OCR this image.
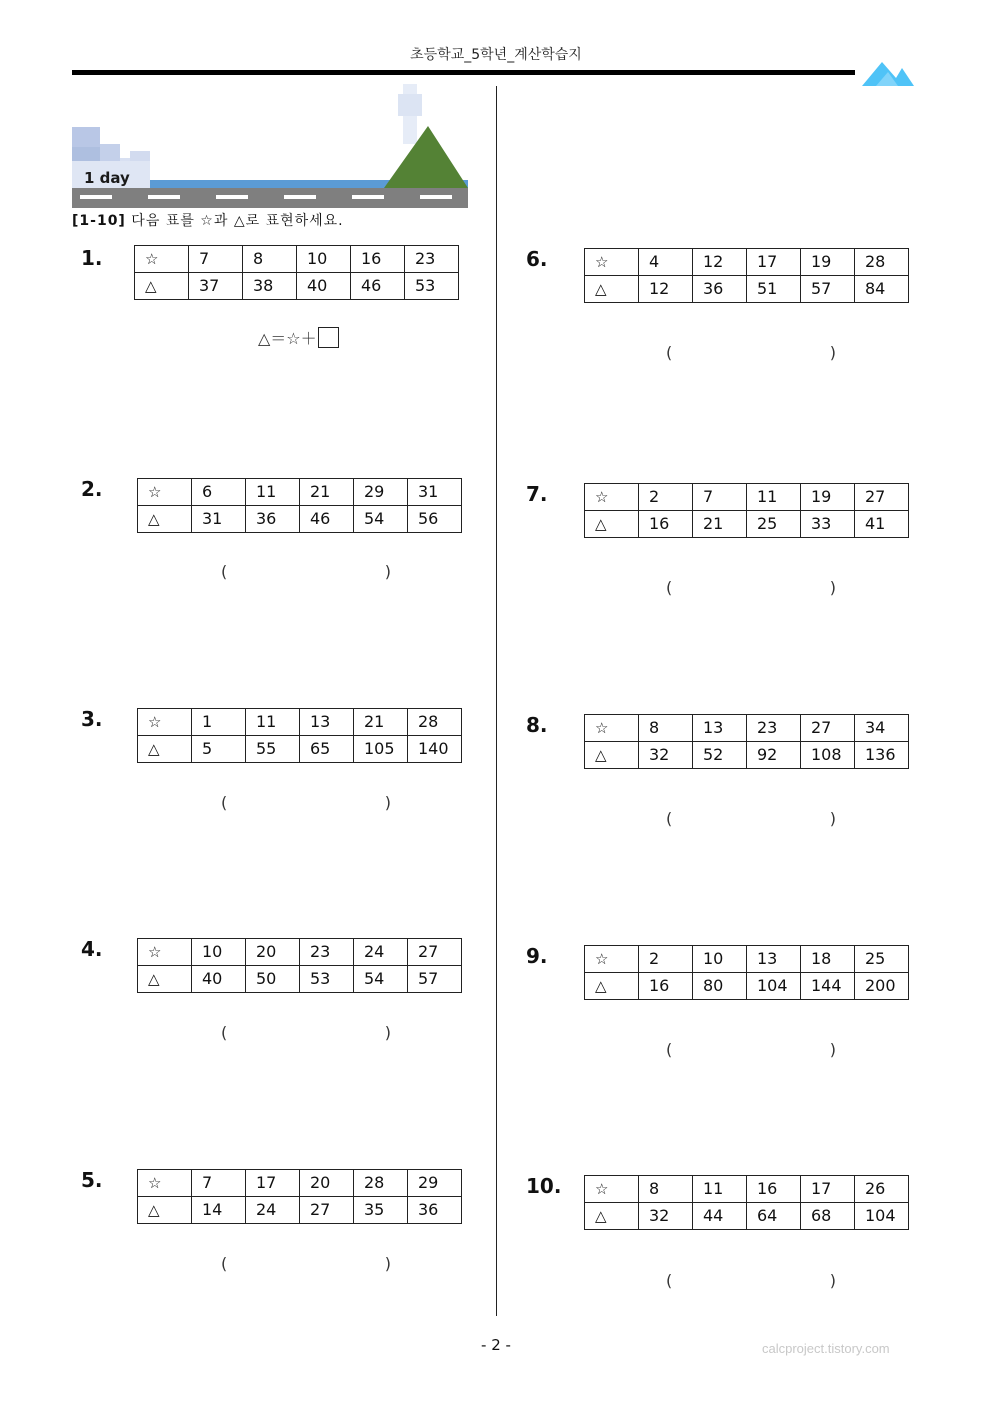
초등학교_5학년_계산학습지
1 day
[1-10] 다음 표를 ☆과 △로 표현하세요.
1.	☆	7	8	10	16	23
△	37	38	40	46	53
△＝☆＋
2.	☆	6	11	21	29	31
△	31	36	46	54	56
(	)
3.	☆	1	11	13	21	28
△	5	55	65	105	140
(	)
4.	☆	10	20	23	24	27
△	40	50	53	54	57
(	)
5.	☆	7	17	20	28	29
△	14	24	27	35	36
(	)
6.	☆	4	12	17	19	28
△	12	36	51	57	84
(	)
7.	☆	2	7	11	19	27
△	16	21	25	33	41
(	)
8.	☆	8	13	23	27	34
△	32	52	92	108	136
(	)
9.	☆	2	10	13	18	25
△	16	80	104	144	200
(	)
10. ☆	8	11	16	17	26
△	32	44	64	68	104
(	)
- 2 -	calcproject.tistory.com
